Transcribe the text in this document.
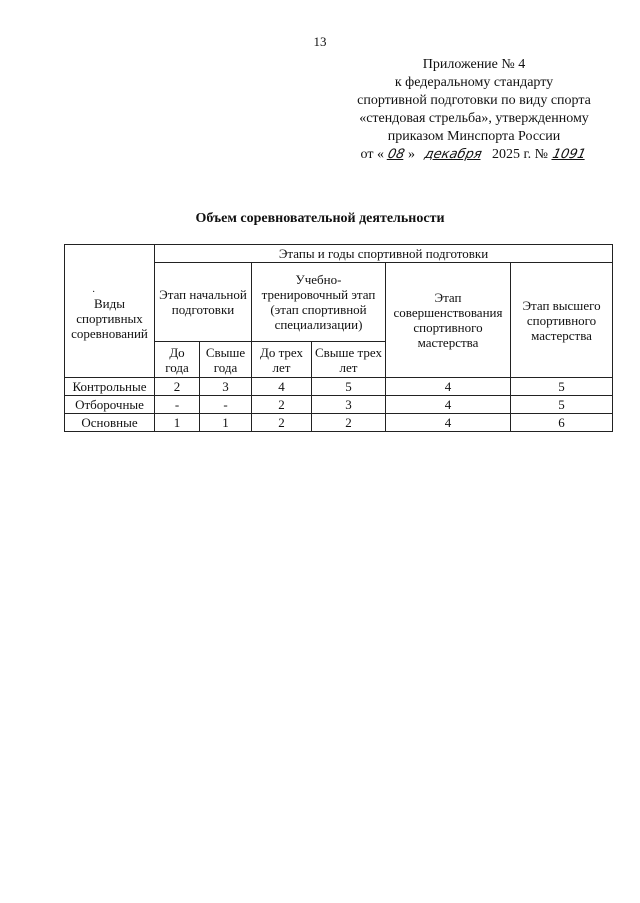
13
Приложение № 4
к федеральному стандарту
спортивной подготовки по виду спорта
«стендовая стрельба», утвержденному
приказом Минспорта России
от « 08 » декабря 2025 г. № 1091
Объем соревновательной деятельности
·
Виды спортивных соревнований	Этапы и годы спортивной подготовки					
	Этап начальной подготовки		Учебно-тренировочный этап (этап спортивной специализации)		Этап совершенствования спортивного мастерства	Этап высшего спортивного мастерства
	До года	Свыше года	До трех лет	Свыше трех лет		
Контрольные	2	3	4	5	4	5
Отборочные	-	-	2	3	4	5
Основные	1	1	2	2	4	6
